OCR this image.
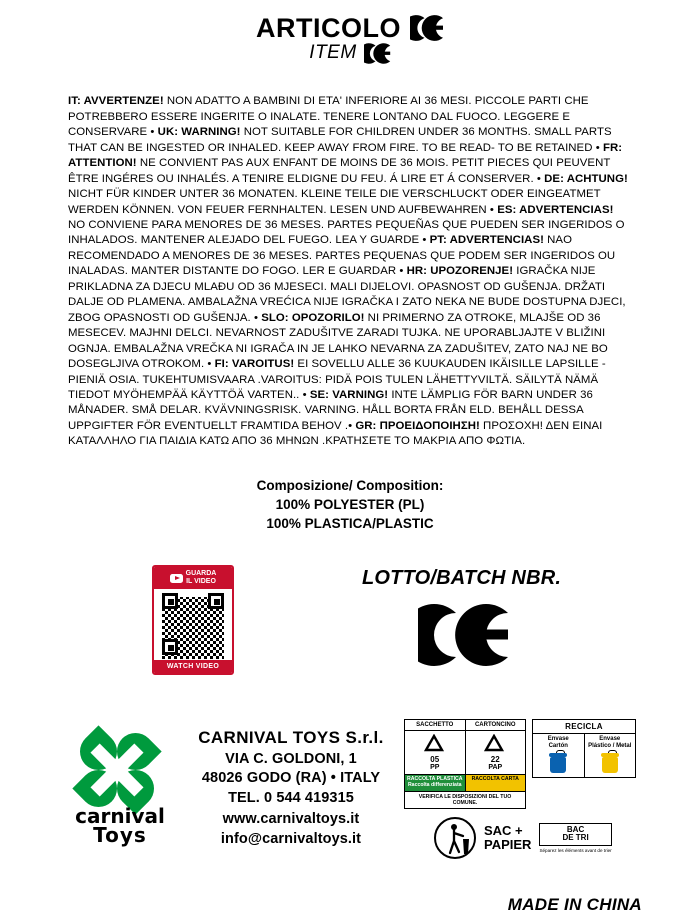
ARTICOLO
ITEM
IT: AVVERTENZE! NON ADATTO A BAMBINI DI ETA' INFERIORE AI 36 MESI. PICCOLE PARTI CHE POTREBBERO ESSERE INGERITE O INALATE. TENERE LONTANO DAL FUOCO. LEGGERE E CONSERVARE • UK: WARNING! NOT SUITABLE FOR CHILDREN UNDER 36 MONTHS. SMALL PARTS THAT CAN BE INGESTED OR INHALED. KEEP AWAY FROM FIRE. TO BE READ- TO BE RETAINED • FR: ATTENTION! NE CONVIENT PAS AUX ENFANT DE MOINS DE 36 MOIS. PETIT PIECES QUI PEUVENT ÊTRE INGÉRES OU INHALÉS. A TENIRE ELDIGNE DU FEU. Á LIRE ET Á CONSERVER. • DE: ACHTUNG! NICHT FÜR KINDER UNTER 36 MONATEN. KLEINE TEILE DIE VERSCHLUCKT ODER EINGEATMET WERDEN KÖNNEN. VON FEUER FERNHALTEN. LESEN UND AUFBEWAHREN • ES: ADVERTENCIAS! NO CONVIENE PARA MENORES DE 36 MESES. PARTES PEQUEÑAS QUE PUEDEN SER INGERIDOS O INHALADOS. MANTENER ALEJADO DEL FUEGO. LEA Y GUARDE • PT: ADVERTENCIAS! NAO RECOMENDADO A MENORES DE 36 MESES. PARTES PEQUENAS QUE PODEM SER INGERIDOS OU INALADAS. MANTER DISTANTE DO FOGO. LER E GUARDAR • HR: UPOZORENJE! IGRAČKA NIJE PRIKLADNA ZA DJECU MLAĐU OD 36 MJESECI. MALI DIJELOVI. OPASNOST OD GUŠENJA. DRŽATI DALJE OD PLAMENA. AMBALAŽNA VREĆICA NIJE IGRAČKA I ZATO NEKA NE BUDE DOSTUPNA DJECI, ZBOG OPASNOSTI OD GUŠENJA. • SLO: OPOZORILO! NI PRIMERNO ZA OTROKE, MLAJŠE OD 36 MESECEV. MAJHNI DELCI. NEVARNOST ZADUŠITVE ZARADI TUJKA. NE UPORABLJAJTE V BLIŽINI OGNJA. EMBALAŽNA VREČKA NI IGRAČA IN JE LAHKO NEVARNA ZA ZADUŠITEV, ZATO NAJ NE BO DOSEGLJIVA OTROKOM. • FI: VAROITUS! EI SOVELLU ALLE 36 KUUKAUDEN IKÄISILLE LAPSILLE - PIENIÄ OSIA. TUKEHTUMISVAARA .VAROITUS: PIDÄ POIS TULEN LÄHETTYVILTÄ. SÄILYTÄ NÄMÄ TIEDOT MYÖHEMPÄÄ KÄYTTÖÄ VARTEN.. • SE: VARNING! INTE LÄMPLIG FÖR BARN UNDER 36 MÅNADER. SMÅ DELAR. KVÄVNINGSRISK. VARNING. HÅLL BORTA FRÅN ELD. BEHÅLL DESSA UPPGIFTER FÖR EVENTUELLT FRAMTIDA BEHOV .• GR: ΠΡΟΕΙΔΟΠΟΙΗΣΗ! ΠΡΟΣΟΧΗ! ΔΕΝ ΕΙΝΑΙ ΚΑΤΑΛΛΗΛΟ ΓΙΑ ΠΑΙΔΙΑ ΚΑΤΩ ΑΠΟ 36 ΜΗΝΩΝ .ΚΡΑΤΗΣΕΤΕ ΤΟ ΜΑΚΡΙΑ ΑΠΟ ΦΩΤΙΑ.
Composizione/ Composition:
100% POLYESTER (PL)
100% PLASTICA/PLASTIC
GUARDA
IL VIDEO
WATCH VIDEO
LOTTO/BATCH NBR.
carnival
Toys
CARNIVAL TOYS S.r.l.
VIA C. GOLDONI, 1
48026 GODO (RA) • ITALY
TEL. 0 544 419315
www.carnivaltoys.it
info@carnivaltoys.it
SACCHETTO	CARTONCINO
05
PP
22
PAP
RACCOLTA PLASTICA
Raccolta differenziata
RACCOLTA CARTA
VERIFICA LE DISPOSIZIONI DEL TUO COMUNE.
RECICLA
Envase
Cartón
Envase
Plástico / Metal
SAC +
PAPIER
BAC
DE TRI
Séparez les éléments avant de trier
MADE IN CHINA
